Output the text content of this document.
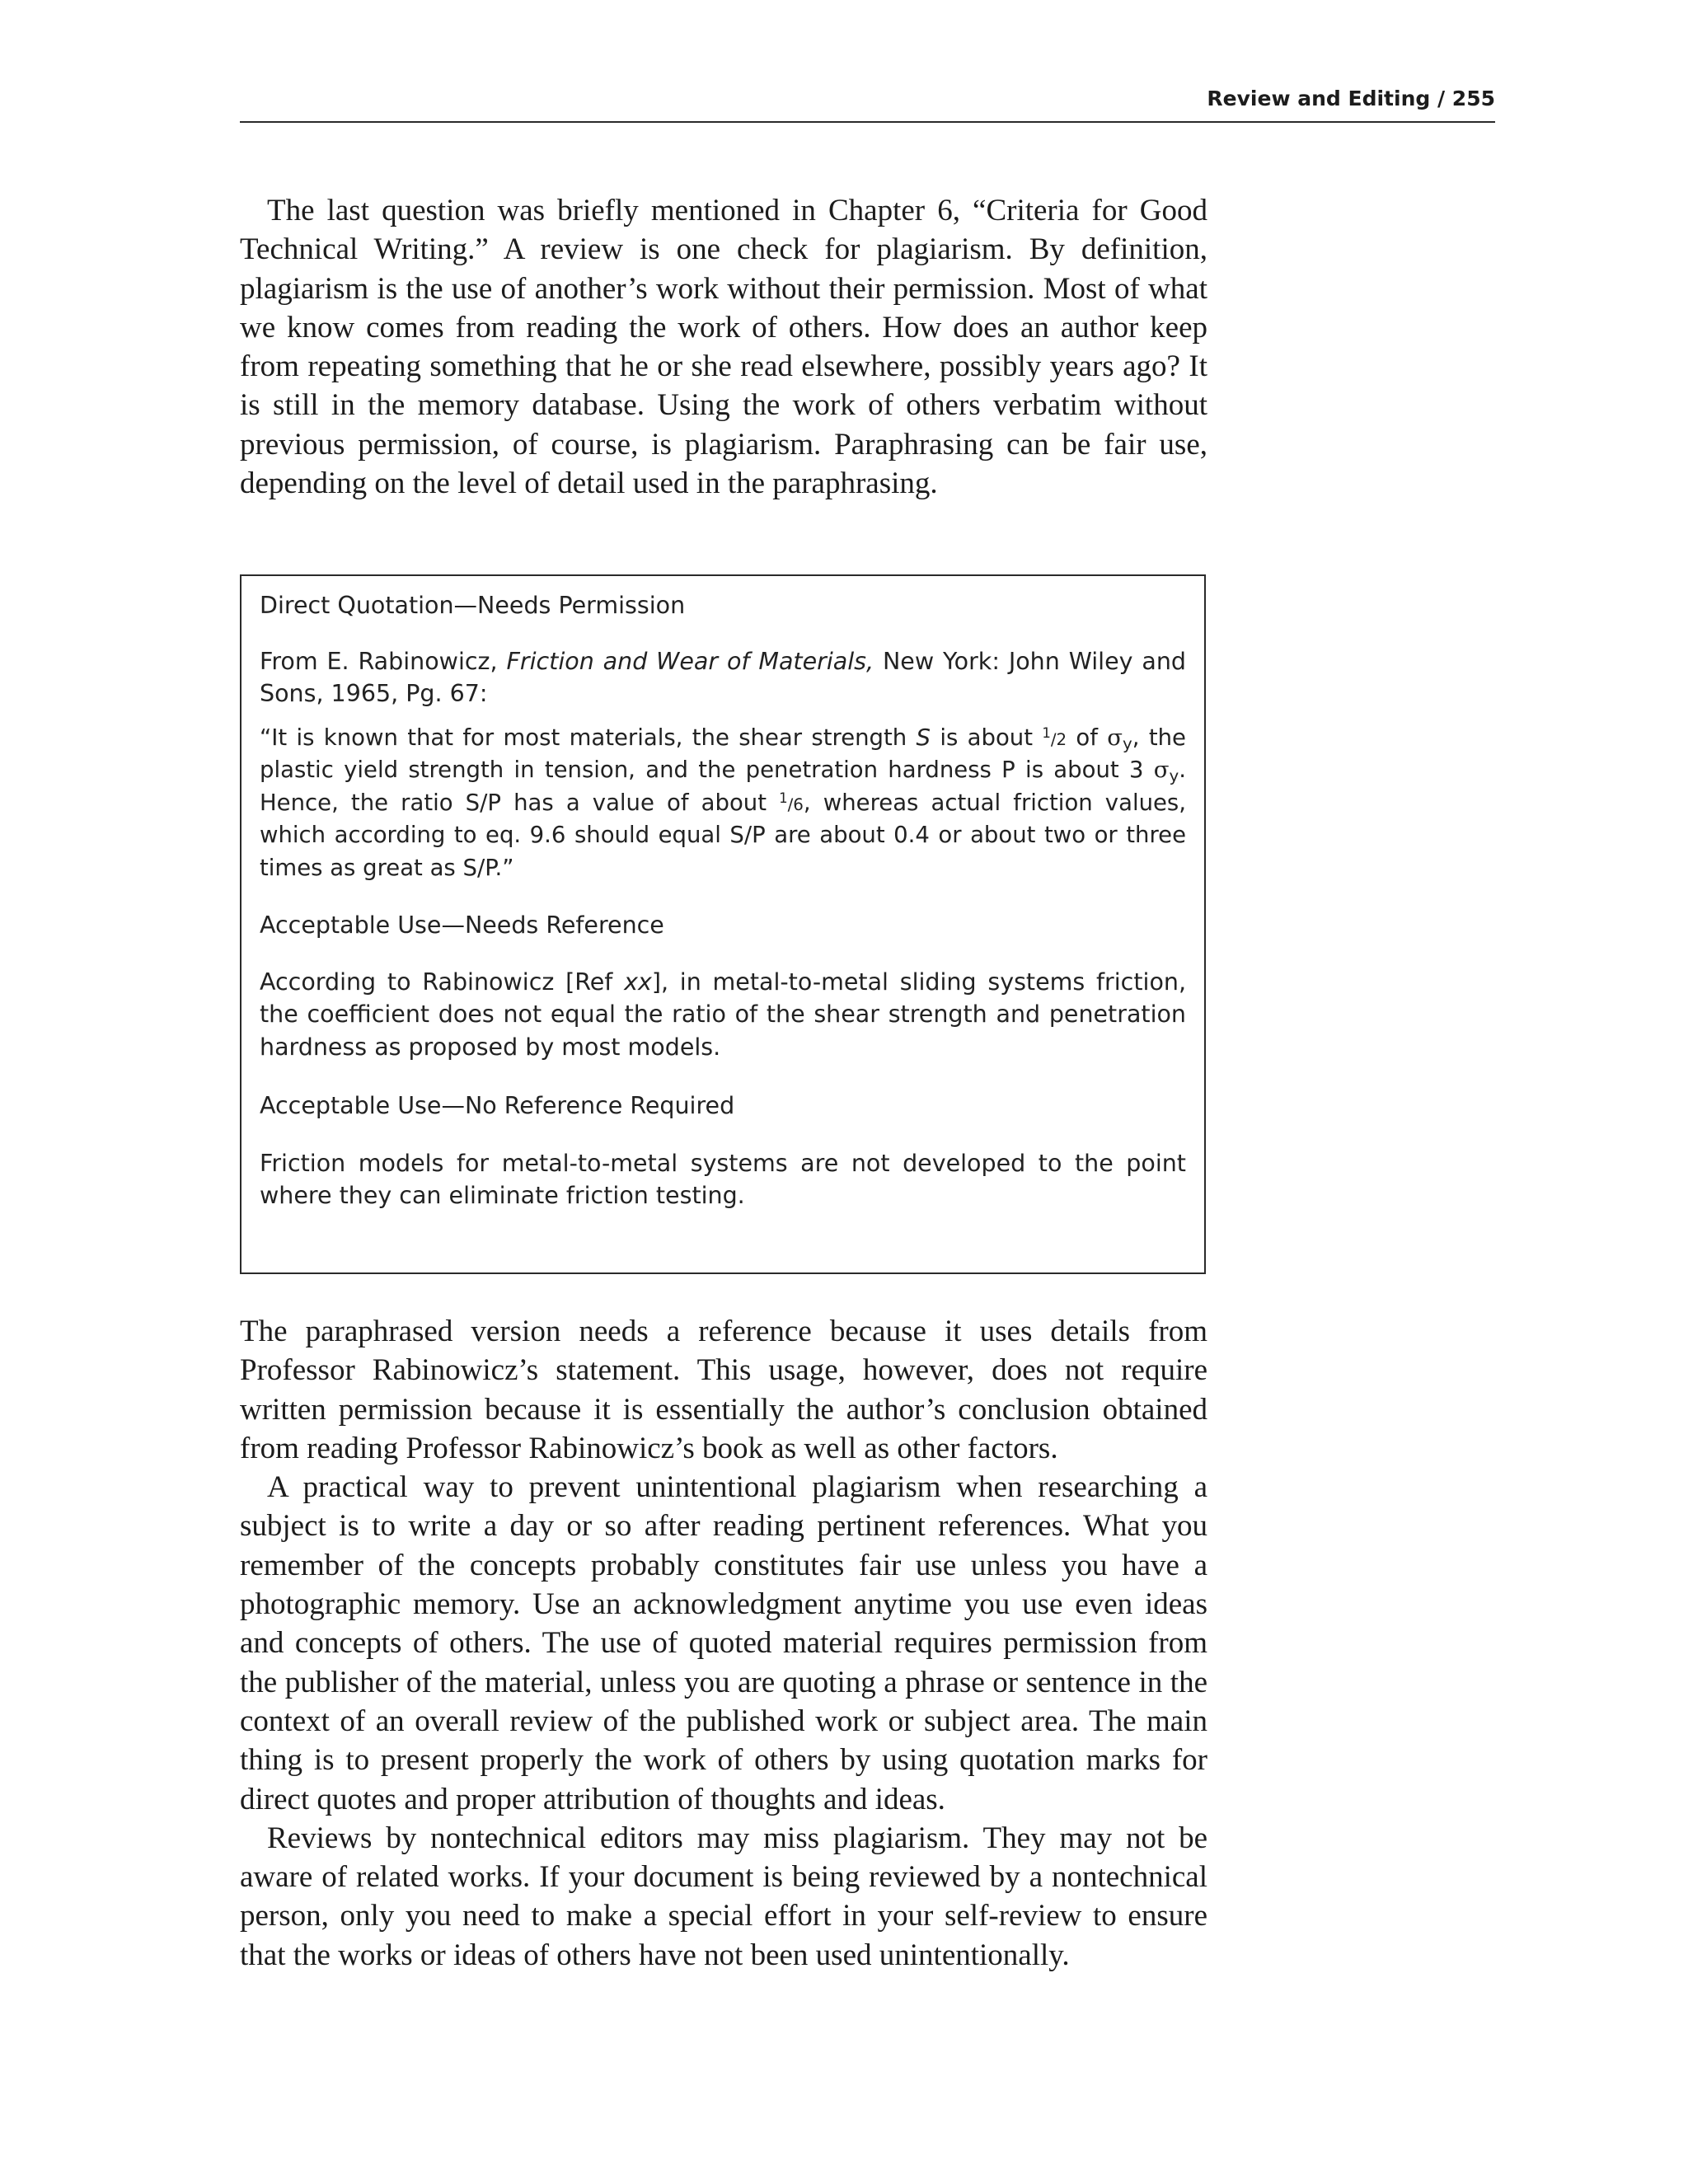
Review and Editing / 255

The last question was briefly mentioned in Chapter 6, “Criteria for Good Technical Writing.” A review is one check for plagiarism. By definition, plagiarism is the use of another’s work without their permission. Most of what we know comes from reading the work of others. How does an author keep from repeating something that he or she read elsewhere, possibly years ago? It is still in the memory database. Using the work of others verbatim without previous permission, of course, is plagiarism. Paraphrasing can be fair use, depending on the level of detail used in the paraphrasing.

Direct Quotation—Needs Permission

From E. Rabinowicz, Friction and Wear of Materials, New York: John Wiley and Sons, 1965, Pg. 67:

“It is known that for most materials, the shear strength S is about $^1$/2 of $\sigma_y$, the plastic yield strength in tension, and the penetration hardness P is about 3 $\sigma_y$. Hence, the ratio S/P has a value of about $^1$/6, whereas actual friction values, which according to eq. 9.6 should equal S/P are about 0.4 or about two or three times as great as S/P.”

Acceptable Use—Needs Reference

According to Rabinowicz [Ref xx], in metal-to-metal sliding systems friction, the coefficient does not equal the ratio of the shear strength and penetration hardness as proposed by most models.

Acceptable Use—No Reference Required

Friction models for metal-to-metal systems are not developed to the point where they can eliminate friction testing.

The paraphrased version needs a reference because it uses details from Professor Rabinowicz’s statement. This usage, however, does not require written permission because it is essentially the author’s conclusion obtained from reading Professor Rabinowicz’s book as well as other factors.

A practical way to prevent unintentional plagiarism when researching a subject is to write a day or so after reading pertinent references. What you remember of the concepts probably constitutes fair use unless you have a photographic memory. Use an acknowledgment anytime you use even ideas and concepts of others. The use of quoted material requires permission from the publisher of the material, unless you are quoting a phrase or sentence in the context of an overall review of the published work or subject area. The main thing is to present properly the work of others by using quotation marks for direct quotes and proper attribution of thoughts and ideas.

Reviews by nontechnical editors may miss plagiarism. They may not be aware of related works. If your document is being reviewed by a nontechnical person, only you need to make a special effort in your self-review to ensure that the works or ideas of others have not been used unintentionally.
